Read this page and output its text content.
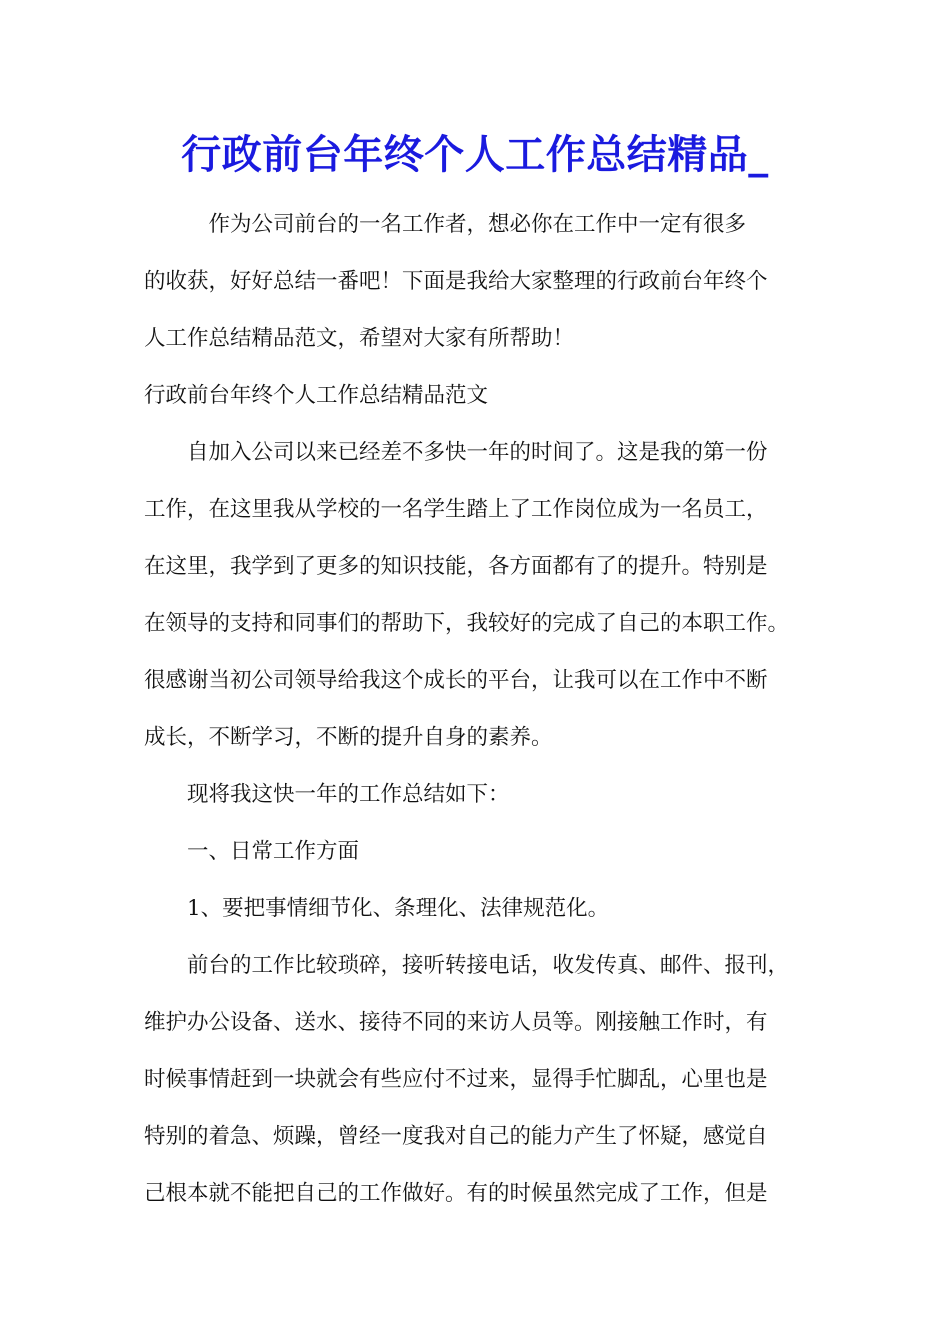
行政前台年终个人工作总结精品_
　　　作为公司前台的一名工作者，想必你在工作中一定有很多
的收获，好好总结一番吧！下面是我给大家整理的行政前台年终个
人工作总结精品范文，希望对大家有所帮助！
行政前台年终个人工作总结精品范文
　　自加入公司以来已经差不多快一年的时间了。这是我的第一份
工作，在这里我从学校的一名学生踏上了工作岗位成为一名员工，
在这里，我学到了更多的知识技能，各方面都有了的提升。特别是
在领导的支持和同事们的帮助下，我较好的完成了自己的本职工作。
很感谢当初公司领导给我这个成长的平台，让我可以在工作中不断
成长，不断学习，不断的提升自身的素养。
　　现将我这快一年的工作总结如下：
　　一、日常工作方面
　　1、要把事情细节化、条理化、法律规范化。
　　前台的工作比较琐碎，接听转接电话，收发传真、邮件、报刊，
维护办公设备、送水、接待不同的来访人员等。刚接触工作时，有
时候事情赶到一块就会有些应付不过来，显得手忙脚乱，心里也是
特别的着急、烦躁，曾经一度我对自己的能力产生了怀疑，感觉自
己根本就不能把自己的工作做好。有的时候虽然完成了工作，但是
